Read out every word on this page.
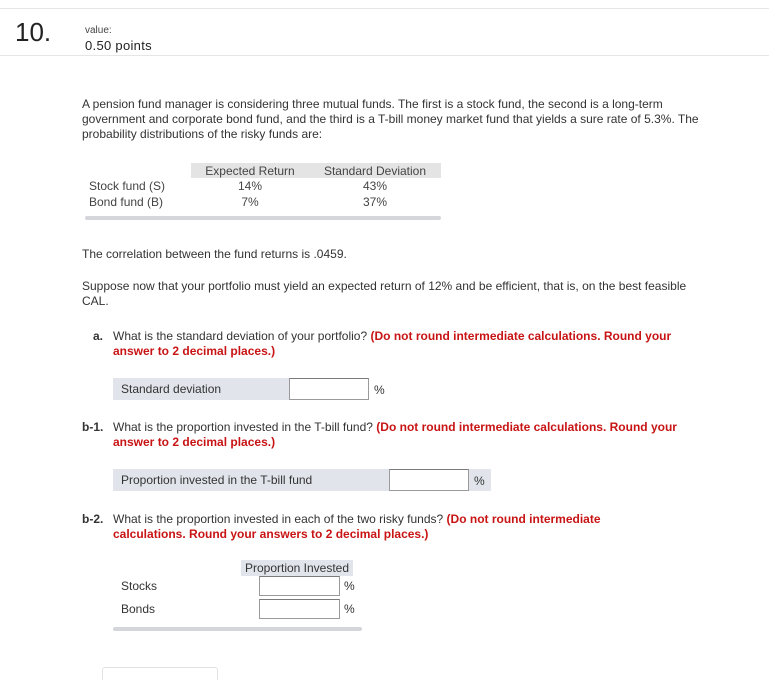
10.	value:
0.50 points
A pension fund manager is considering three mutual funds. The first is a stock fund, the second is a long-term government and corporate bond fund, and the third is a T-bill money market fund that yields a sure rate of 5.3%. The probability distributions of the risky funds are:
	Expected Return	Standard Deviation
Stock fund (S)	14%	43%
Bond fund (B)	7%	37%
The correlation between the fund returns is .0459.
Suppose now that your portfolio must yield an expected return of 12% and be efficient, that is, on the best feasible CAL.
a. What is the standard deviation of your portfolio? (Do not round intermediate calculations. Round your answer to 2 decimal places.)
Standard deviation	%
b-1. What is the proportion invested in the T-bill fund? (Do not round intermediate calculations. Round your answer to 2 decimal places.)
Proportion invested in the T-bill fund	%
b-2. What is the proportion invested in each of the two risky funds? (Do not round intermediate calculations. Round your answers to 2 decimal places.)
Proportion Invested
Stocks	%
Bonds	%
